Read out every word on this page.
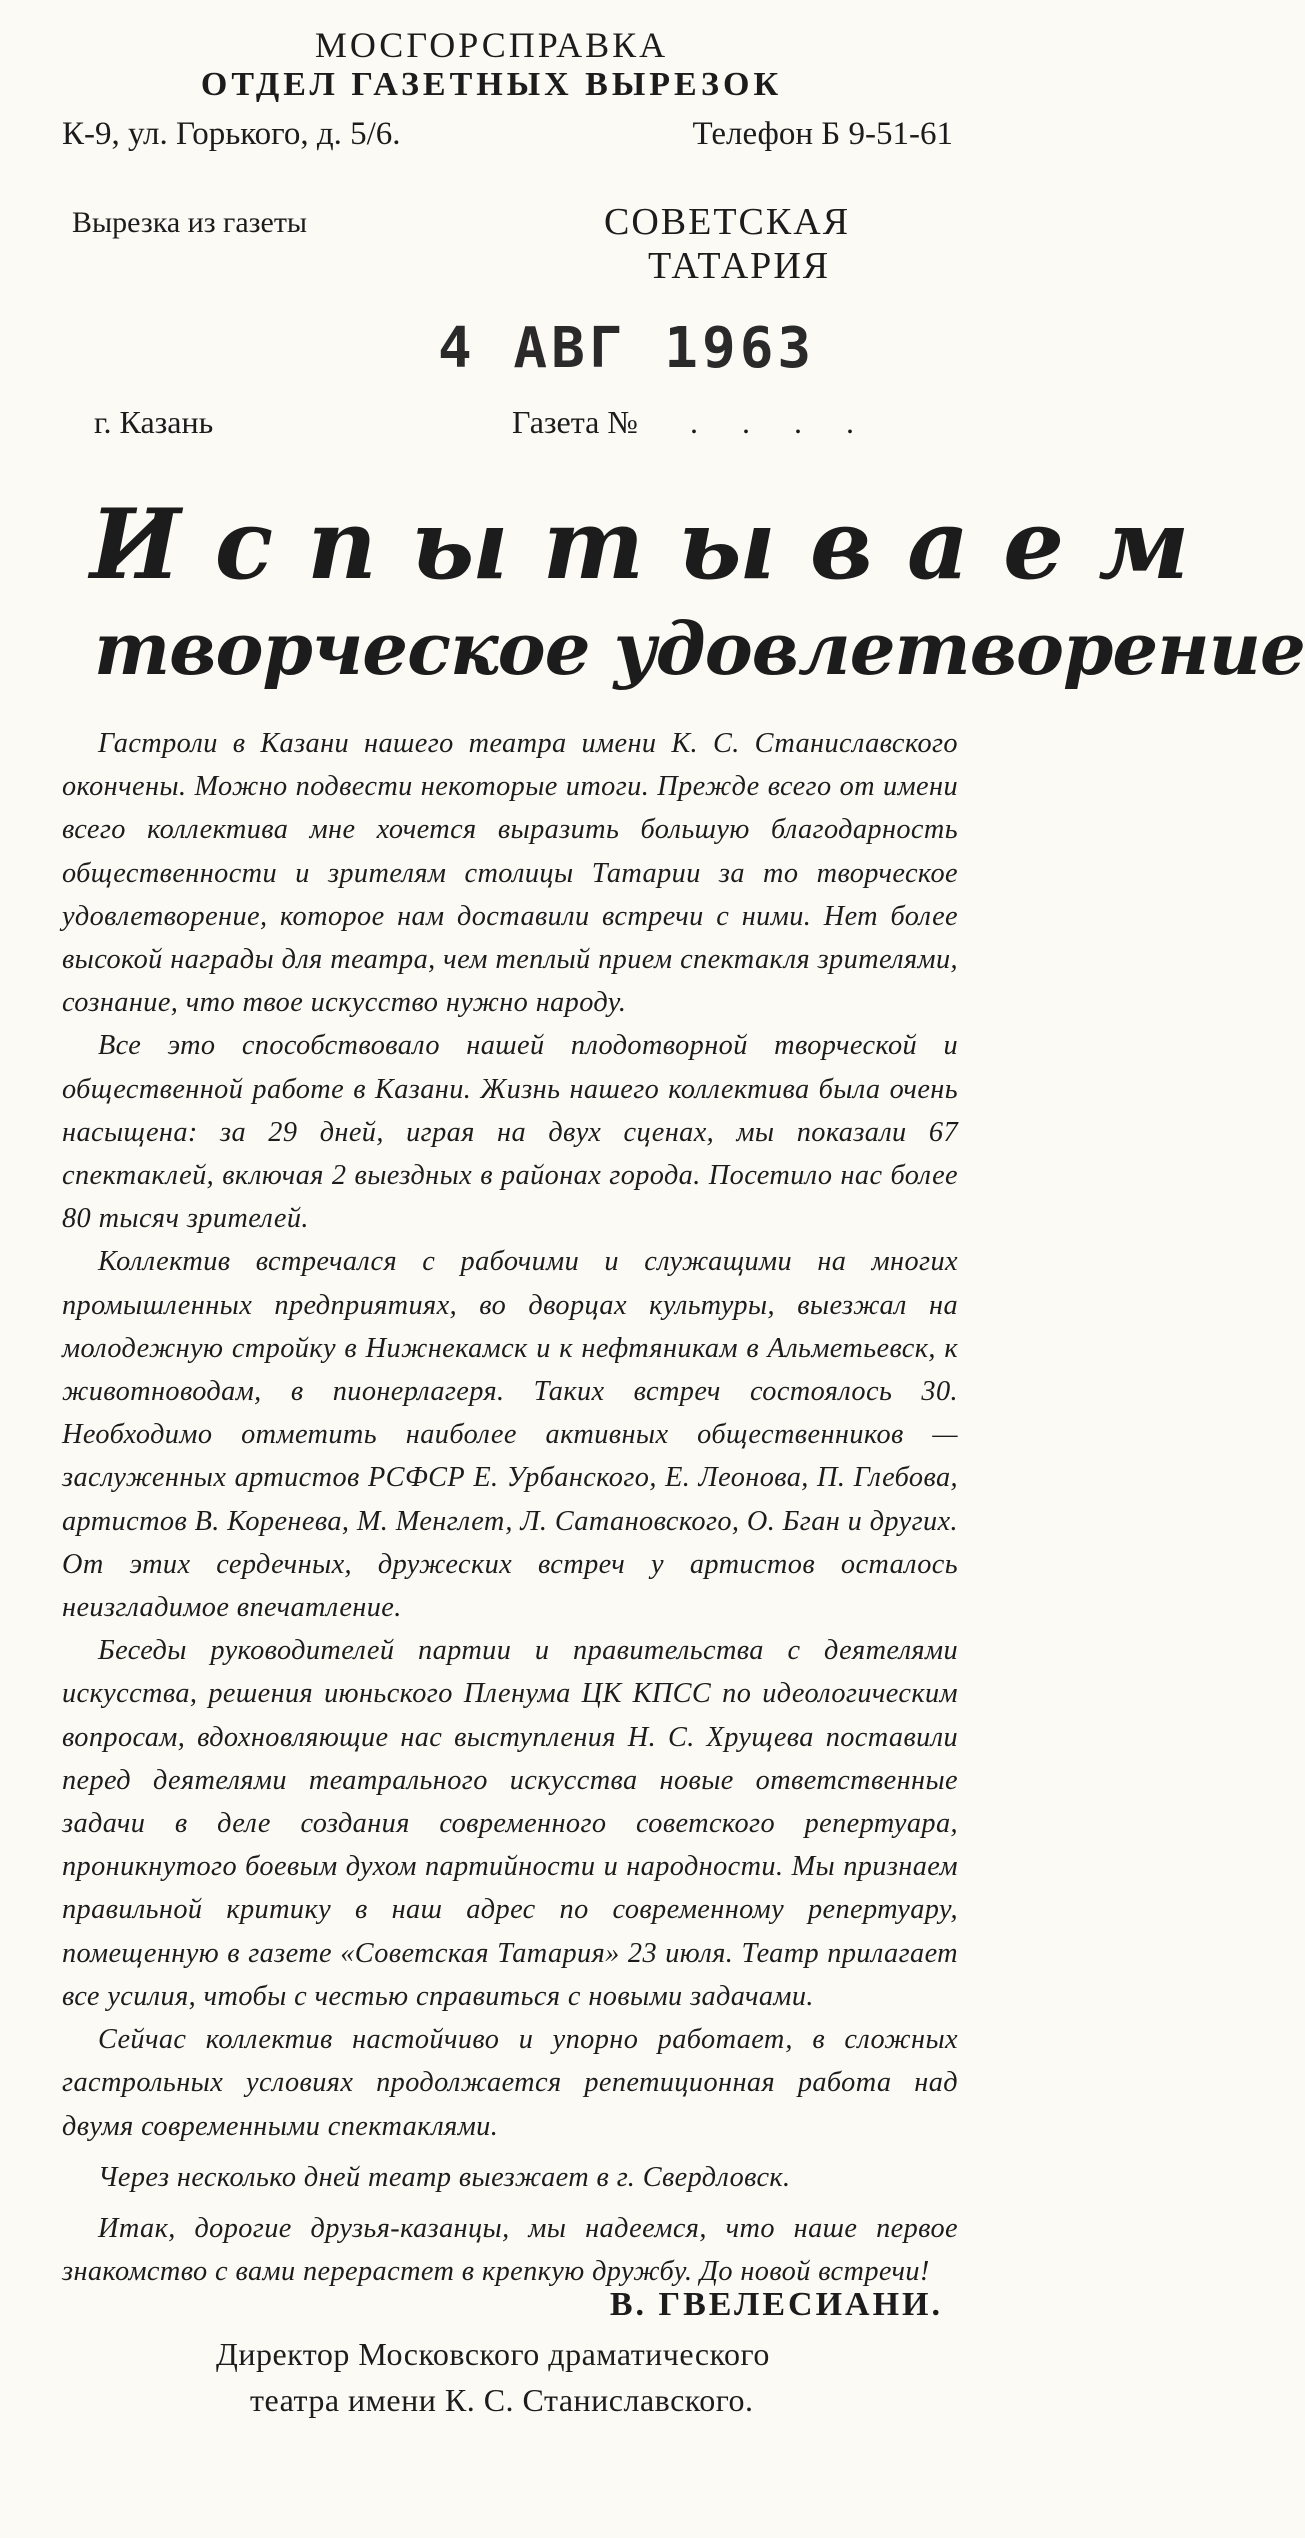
МОСГОРСПРАВКА
ОТДЕЛ ГАЗЕТНЫХ ВЫРЕЗОК
К-9, ул. Горького, д. 5/6.	Телефон Б 9-51-61
Вырезка из газеты	СОВЕТСКАЯ
ТАТАРИЯ
4 АВГ 1963
г. Казань	Газета № . . . .
Испытываем
творческое удовлетворение

Гастроли в Казани нашего театра имени К. С. Станиславского окончены. Можно подвести некоторые итоги. Прежде всего от имени всего коллектива мне хочется выразить большую благодарность общественности и зрителям столицы Татарии за то творческое удовлетворение, которое нам доставили встречи с ними. Нет более высокой награды для театра, чем теплый прием спектакля зрителями, сознание, что твое искусство нужно народу.

Все это способствовало нашей плодотворной творческой и общественной работе в Казани. Жизнь нашего коллектива была очень насыщена: за 29 дней, играя на двух сценах, мы показали 67 спектаклей, включая 2 выездных в районах города. Посетило нас более 80 тысяч зрителей.

Коллектив встречался с рабочими и служащими на многих промышленных предприятиях, во дворцах культуры, выезжал на молодежную стройку в Нижнекамск и к нефтяникам в Альметьевск, к животноводам, в пионерлагеря. Таких встреч состоялось 30. Необходимо отметить наиболее активных общественников — заслуженных артистов РСФСР Е. Урбанского, Е. Леонова, П. Глебова, артистов В. Коренева, М. Менглет, Л. Сатановского, О. Бган и других. От этих сердечных, дружеских встреч у артистов осталось неизгладимое впечатление.

Беседы руководителей партии и правительства с деятелями искусства, решения июньского Пленума ЦК КПСС по идеологическим вопросам, вдохновляющие нас выступления Н. С. Хрущева поставили перед деятелями театрального искусства новые ответственные задачи в деле создания современного советского репертуара, проникнутого боевым духом партийности и народности. Мы признаем правильной критику в наш адрес по современному репертуару, помещенную в газете «Советская Татария» 23 июля. Театр прилагает все усилия, чтобы с честью справиться с новыми задачами.

Сейчас коллектив настойчиво и упорно работает, в сложных гастрольных условиях продолжается репетиционная работа над двумя современными спектаклями.

Через несколько дней театр выезжает в г. Свердловск.

Итак, дорогие друзья-казанцы, мы надеемся, что наше первое знакомство с вами перерастет в крепкую дружбу. До новой встречи!

В. ГВЕЛЕСИАНИ.
Директор Московского драматического
театра имени К. С. Станиславского.
